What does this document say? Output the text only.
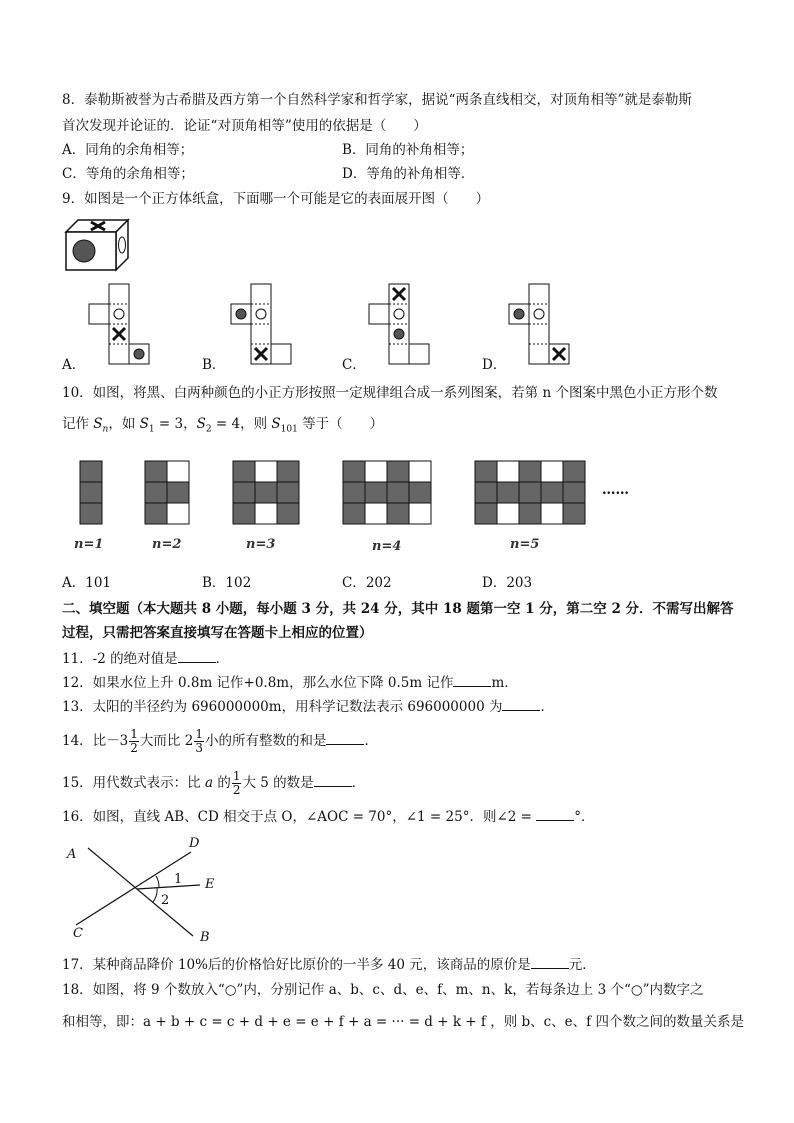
8．泰勒斯被誉为古希腊及西方第一个自然科学家和哲学家，据说“两条直线相交，对顶角相等”就是泰勒斯
首次发现并论证的．论证“对顶角相等”使用的依据是（　　）
A．同角的余角相等；	B．同角的补角相等；
C．等角的余角相等；	D．等角的补角相等．
9．如图是一个正方体纸盒，下面哪一个可能是它的表面展开图（　　）
A．	B．	C．	D．
10．如图，将黑、白两种颜色的小正方形按照一定规律组合成一系列图案，若第 n 个图案中黑色小正方形个数
记作 $S_n$，如 $S_1 = 3$，$S_2 = 4$，则 $S_{101}$ 等于（　　）
……
n=1	n=2	n=3	n=4	n=5
A．101	B．102	C．202	D．203
二、填空题（本大题共 8 小题，每小题 3 分，共 24 分，其中 18 题第一空 1 分，第二空 2 分．不需写出解答
过程，只需把答案直接填写在答题卡上相应的位置）
11．-2 的绝对值是	．
12．如果水位上升 0.8m 记作+0.8m，那么水位下降 0.5m 记作	m．
13．太阳的半径约为 696000000m，用科学记数法表示 696000000 为	．
14．比$-3 \frac{1}{2}$ 大而比 $2 \frac{1}{3}$ 小的所有整数的和是	．
15．用代数式表示：比 a 的 $\frac{1}{2}$ 大 5 的数是	．
16．如图，直线 AB、CD 相交于点 O，∠AOC = 70°，∠1 = 25°．则∠2 =	°．
A
D
E
C	B
1
2
17．某种商品降价 10%后的价格恰好比原价的一半多 40 元，该商品的原价是	元．
18．如图，将 9 个数放入“○”内，分别记作 a、b、c、d、e、f、m、n、k，若每条边上 3 个“○”内数字之
和相等，即：a + b + c = c + d + e = e + f + a = ··· = d + k + f ，则 b、c、e、f 四个数之间的数量关系是
